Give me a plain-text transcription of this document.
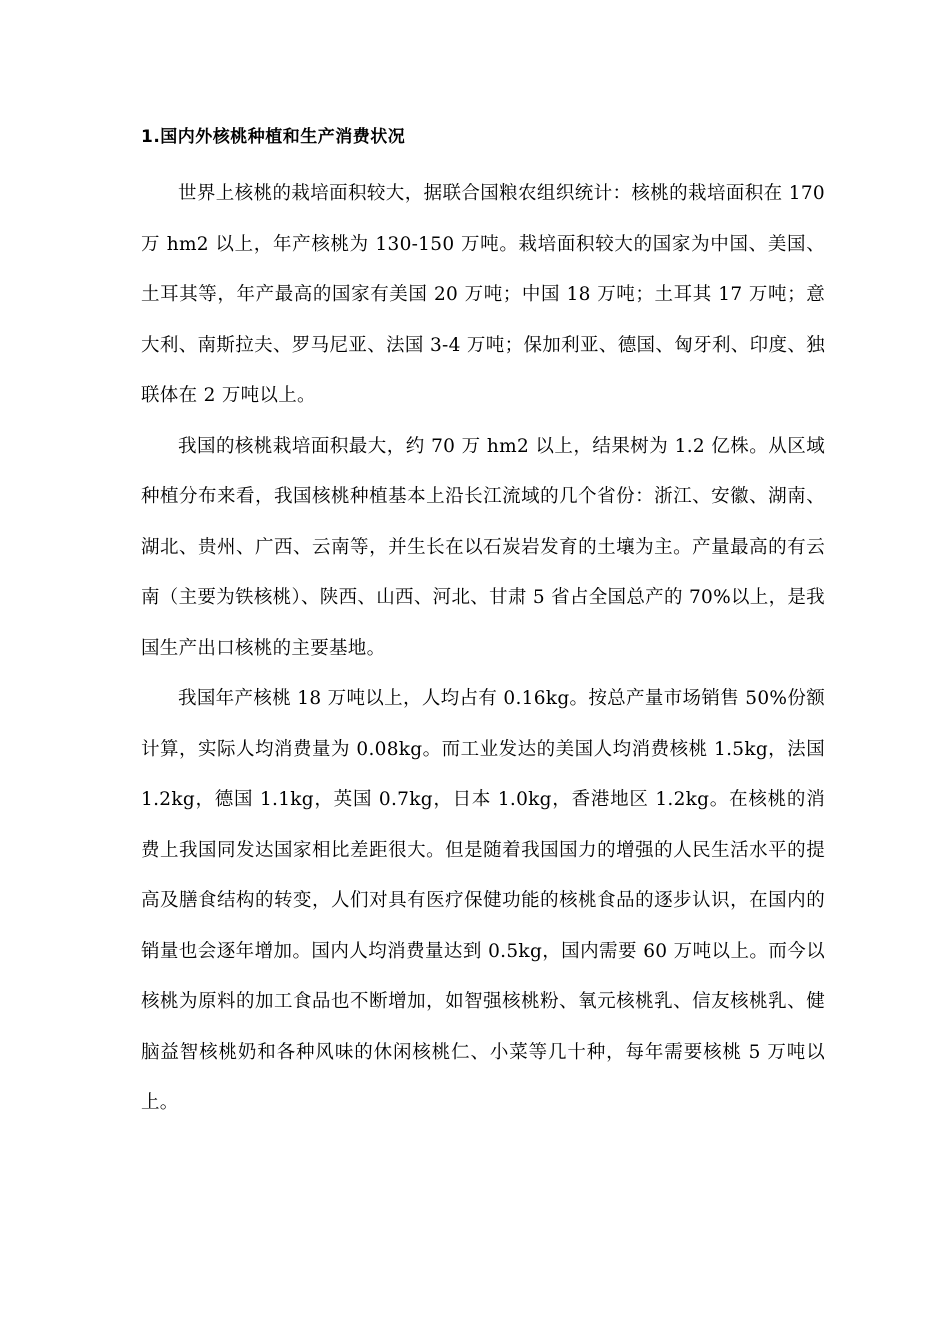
1.国内外核桃种植和生产消费状况

世界上核桃的栽培面积较大，据联合国粮农组织统计：核桃的栽培面积在 170 万 hm2 以上，年产核桃为 130-150 万吨。栽培面积较大的国家为中国、美国、土耳其等，年产最高的国家有美国 20 万吨；中国 18 万吨；土耳其 17 万吨；意大利、南斯拉夫、罗马尼亚、法国 3-4 万吨；保加利亚、德国、匈牙利、印度、独联体在 2 万吨以上。

我国的核桃栽培面积最大，约 70 万 hm2 以上，结果树为 1.2 亿株。从区域种植分布来看，我国核桃种植基本上沿长江流域的几个省份：浙江、安徽、湖南、湖北、贵州、广西、云南等，并生长在以石炭岩发育的土壤为主。产量最高的有云南（主要为铁核桃）、陕西、山西、河北、甘肃 5 省占全国总产的 70%以上，是我国生产出口核桃的主要基地。

我国年产核桃 18 万吨以上，人均占有 0.16kg。按总产量市场销售 50%份额计算，实际人均消费量为 0.08kg。而工业发达的美国人均消费核桃 1.5kg，法国 1.2kg，德国 1.1kg，英国 0.7kg，日本 1.0kg，香港地区 1.2kg。在核桃的消费上我国同发达国家相比差距很大。但是随着我国国力的增强的人民生活水平的提高及膳食结构的转变，人们对具有医疗保健功能的核桃食品的逐步认识，在国内的销量也会逐年增加。国内人均消费量达到 0.5kg，国内需要 60 万吨以上。而今以核桃为原料的加工食品也不断增加，如智强核桃粉、氧元核桃乳、信友核桃乳、健脑益智核桃奶和各种风味的休闲核桃仁、小菜等几十种，每年需要核桃 5 万吨以上。
